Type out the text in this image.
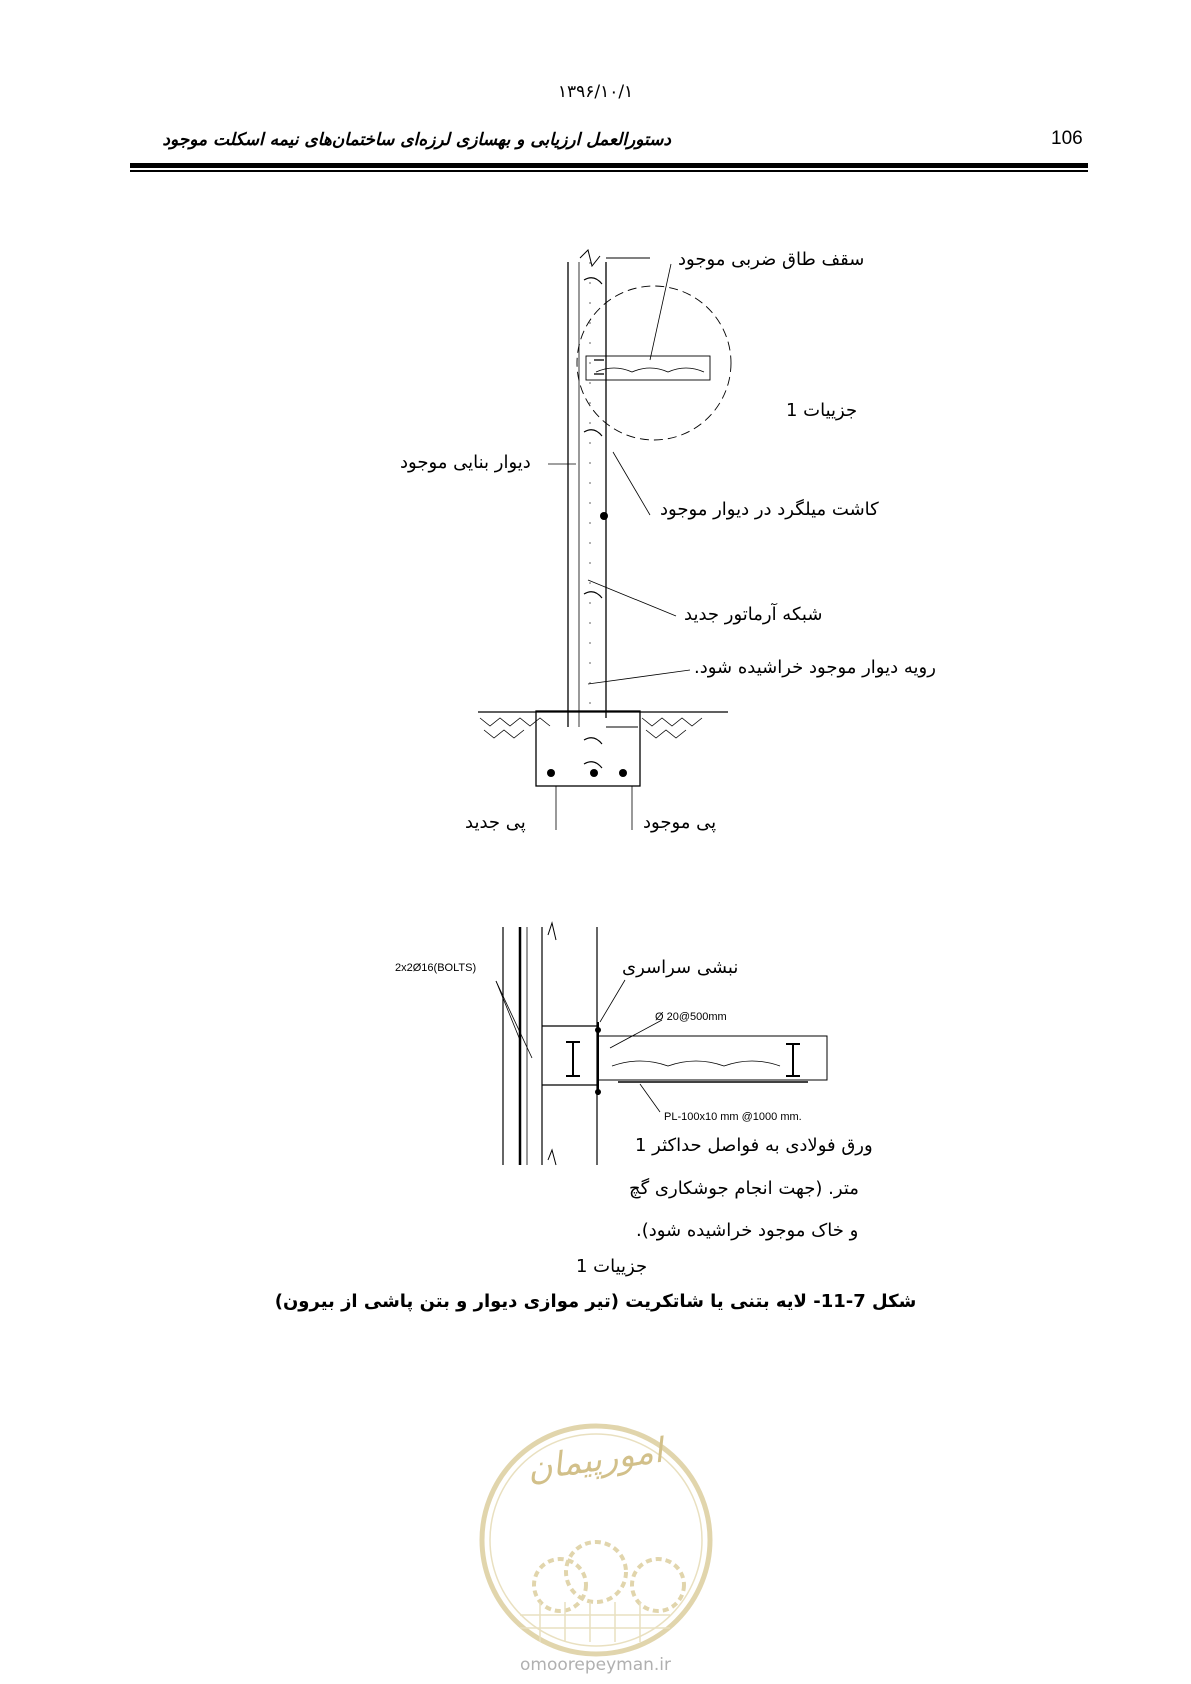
۱۳۹۶/۱۰/۱
دستورالعمل ارزیابی و بهسازی لرزه‌ای ساختمان‌های نیمه اسکلت موجود	106
سقف طاق ضربی موجود
جزییات 1
دیوار بنایی موجود
کاشت میلگرد در دیوار موجود
شبکه آرماتور جدید
رویه دیوار موجود خراشیده شود.
پی جدید	پی موجود
2x2Ø16(BOLTS)	نبشی سراسری
Ø 20@500mm
PL-100x10 mm @1000 mm.
ورق فولادی به فواصل حداکثر 1
متر. (جهت انجام جوشکاری گچ
و خاک موجود خراشیده شود).
جزییات 1
شکل 7-11- لایه بتنی یا شاتکریت (تیر موازی دیوار و بتن پاشی از بیرون)
امورپیمان
omoorepeyman.ir
